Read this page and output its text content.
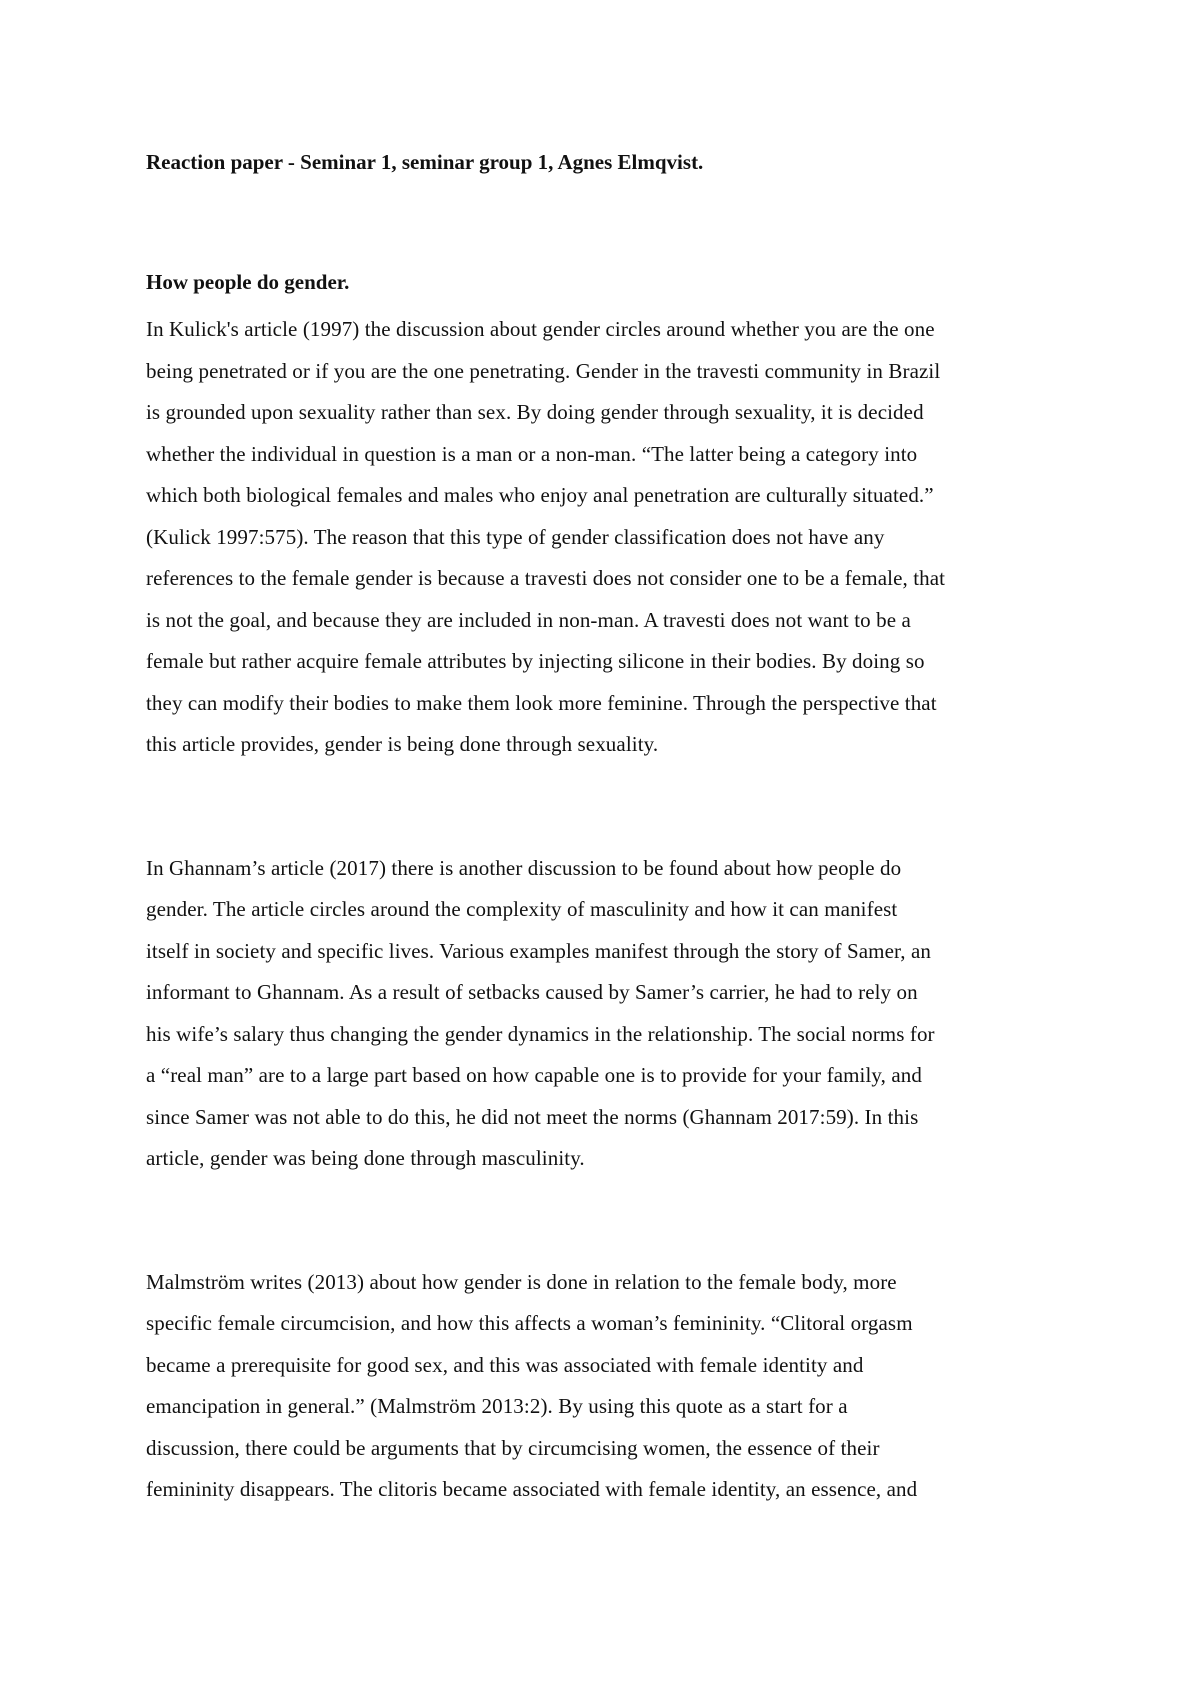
Reaction paper - Seminar 1, seminar group 1, Agnes Elmqvist.
How people do gender.
In Kulick's article (1997) the discussion about gender circles around whether you are the one
being penetrated or if you are the one penetrating. Gender in the travesti community in Brazil
is grounded upon sexuality rather than sex. By doing gender through sexuality, it is decided
whether the individual in question is a man or a non-man. “The latter being a category into
which both biological females and males who enjoy anal penetration are culturally situated.”
(Kulick 1997:575). The reason that this type of gender classification does not have any
references to the female gender is because a travesti does not consider one to be a female, that
is not the goal, and because they are included in non-man. A travesti does not want to be a
female but rather acquire female attributes by injecting silicone in their bodies. By doing so
they can modify their bodies to make them look more feminine. Through the perspective that
this article provides, gender is being done through sexuality.
In Ghannam’s article (2017) there is another discussion to be found about how people do
gender. The article circles around the complexity of masculinity and how it can manifest
itself in society and specific lives. Various examples manifest through the story of Samer, an
informant to Ghannam. As a result of setbacks caused by Samer’s carrier, he had to rely on
his wife’s salary thus changing the gender dynamics in the relationship. The social norms for
a “real man” are to a large part based on how capable one is to provide for your family, and
since Samer was not able to do this, he did not meet the norms (Ghannam 2017:59). In this
article, gender was being done through masculinity.
Malmström writes (2013) about how gender is done in relation to the female body, more
specific female circumcision, and how this affects a woman’s femininity. “Clitoral orgasm
became a prerequisite for good sex, and this was associated with female identity and
emancipation in general.” (Malmström 2013:2). By using this quote as a start for a
discussion, there could be arguments that by circumcising women, the essence of their
femininity disappears. The clitoris became associated with female identity, an essence, and
